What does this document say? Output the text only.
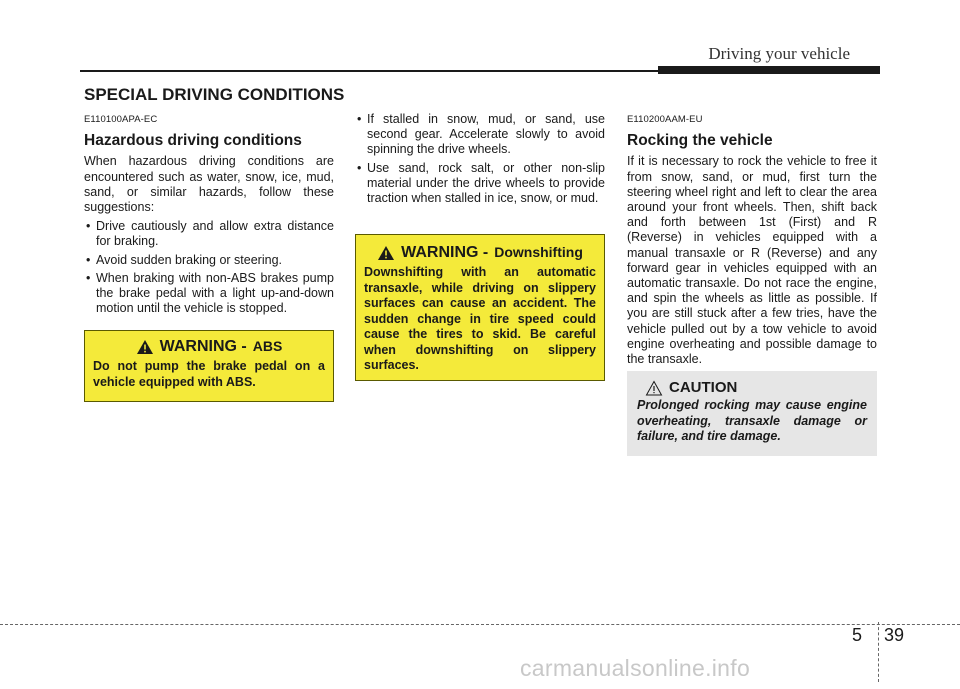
Driving your vehicle
SPECIAL DRIVING CONDITIONS
E110100APA-EC
Hazardous driving conditions

When hazardous driving conditions are encountered such as water, snow, ice, mud, sand, or similar hazards, follow these suggestions:

• Drive cautiously and allow extra distance for braking.
• Avoid sudden braking or steering.
• When braking with non-ABS brakes pump the brake pedal with a light up-and-down motion until the vehicle is stopped.
WARNING - ABS
Do not pump the brake pedal on a vehicle equipped with ABS.
• If stalled in snow, mud, or sand, use second gear. Accelerate slowly to avoid spinning the drive wheels.
• Use sand, rock salt, or other non-slip material under the drive wheels to provide traction when stalled in ice, snow, or mud.
WARNING - Downshifting
Downshifting with an automatic transaxle, while driving on slippery surfaces can cause an accident. The sudden change in tire speed could cause the tires to skid. Be careful when downshifting on slippery surfaces.
E110200AAM-EU
Rocking the vehicle

If it is necessary to rock the vehicle to free it from snow, sand, or mud, first turn the steering wheel right and left to clear the area around your front wheels. Then, shift back and forth between 1st (First) and R (Reverse) in vehicles equipped with a manual transaxle or R (Reverse) and any forward gear in vehicles equipped with an automatic transaxle. Do not race the engine, and spin the wheels as little as possible. If you are still stuck after a few tries, have the vehicle pulled out by a tow vehicle to avoid engine overheating and possible damage to the transaxle.

CAUTION
Prolonged rocking may cause engine overheating, transaxle damage or failure, and tire damage.
5 39
carmanualsonline.info
